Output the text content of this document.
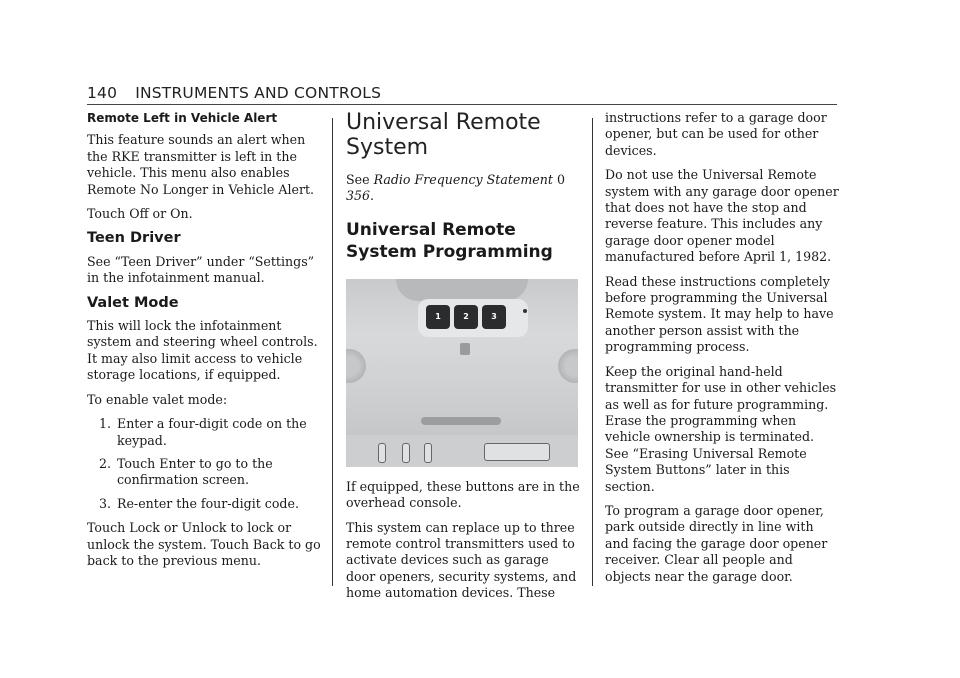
140 INSTRUMENTS AND CONTROLS
Remote Left in Vehicle Alert

This feature sounds an alert when the RKE transmitter is left in the vehicle. This menu also enables Remote No Longer in Vehicle Alert.

Touch Off or On.

Teen Driver

See “Teen Driver” under “Settings” in the infotainment manual.

Valet Mode

This will lock the infotainment system and steering wheel controls. It may also limit access to vehicle storage locations, if equipped.

To enable valet mode:

1. Enter a four-digit code on the keypad.
2. Touch Enter to go to the confirmation screen.
3. Re-enter the four-digit code.

Touch Lock or Unlock to lock or unlock the system. Touch Back to go back to the previous menu.

Universal Remote System

See Radio Frequency Statement 0 356.

Universal Remote System Programming
1	2	3

If equipped, these buttons are in the overhead console.

This system can replace up to three remote control transmitters used to activate devices such as garage door openers, security systems, and home automation devices. These

instructions refer to a garage door opener, but can be used for other devices.

Do not use the Universal Remote system with any garage door opener that does not have the stop and reverse feature. This includes any garage door opener model manufactured before April 1, 1982.

Read these instructions completely before programming the Universal Remote system. It may help to have another person assist with the programming process.

Keep the original hand-held transmitter for use in other vehicles as well as for future programming. Erase the programming when vehicle ownership is terminated. See “Erasing Universal Remote System Buttons” later in this section.

To program a garage door opener, park outside directly in line with and facing the garage door opener receiver. Clear all people and objects near the garage door.
